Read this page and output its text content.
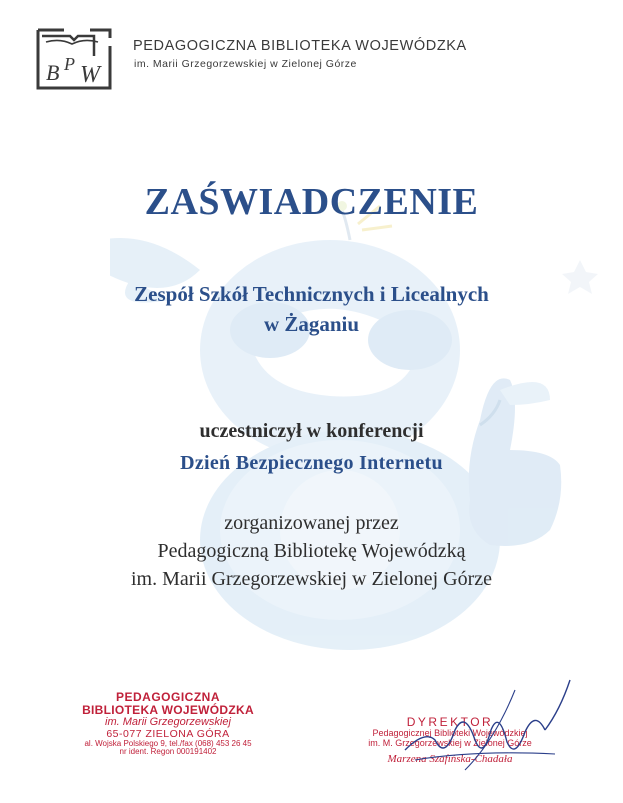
B P W
PEDAGOGICZNA BIBLIOTEKA WOJEWÓDZKA
im. Marii Grzegorzewskiej w Zielonej Górze
ZAŚWIADCZENIE
Zespół Szkół Technicznych i Licealnych
w Żaganiu
uczestniczył w konferencji
Dzień Bezpiecznego Internetu
zorganizowanej przez
Pedagogiczną Bibliotekę Wojewódzką
im. Marii Grzegorzewskiej w Zielonej Górze
PEDAGOGICZNA
BIBLIOTEKA WOJEWÓDZKA
im. Marii Grzegorzewskiej
65-077 ZIELONA GÓRA
al. Wojska Polskiego 9, tel./fax (068) 453 26 45
nr ident. Regon 000191402
DYREKTOR
Pedagogicznej Biblioteki Wojewódzkiej
im. M. Grzegorzewskiej w Zielonej Górze
Marzena Szafińska-Chadała
